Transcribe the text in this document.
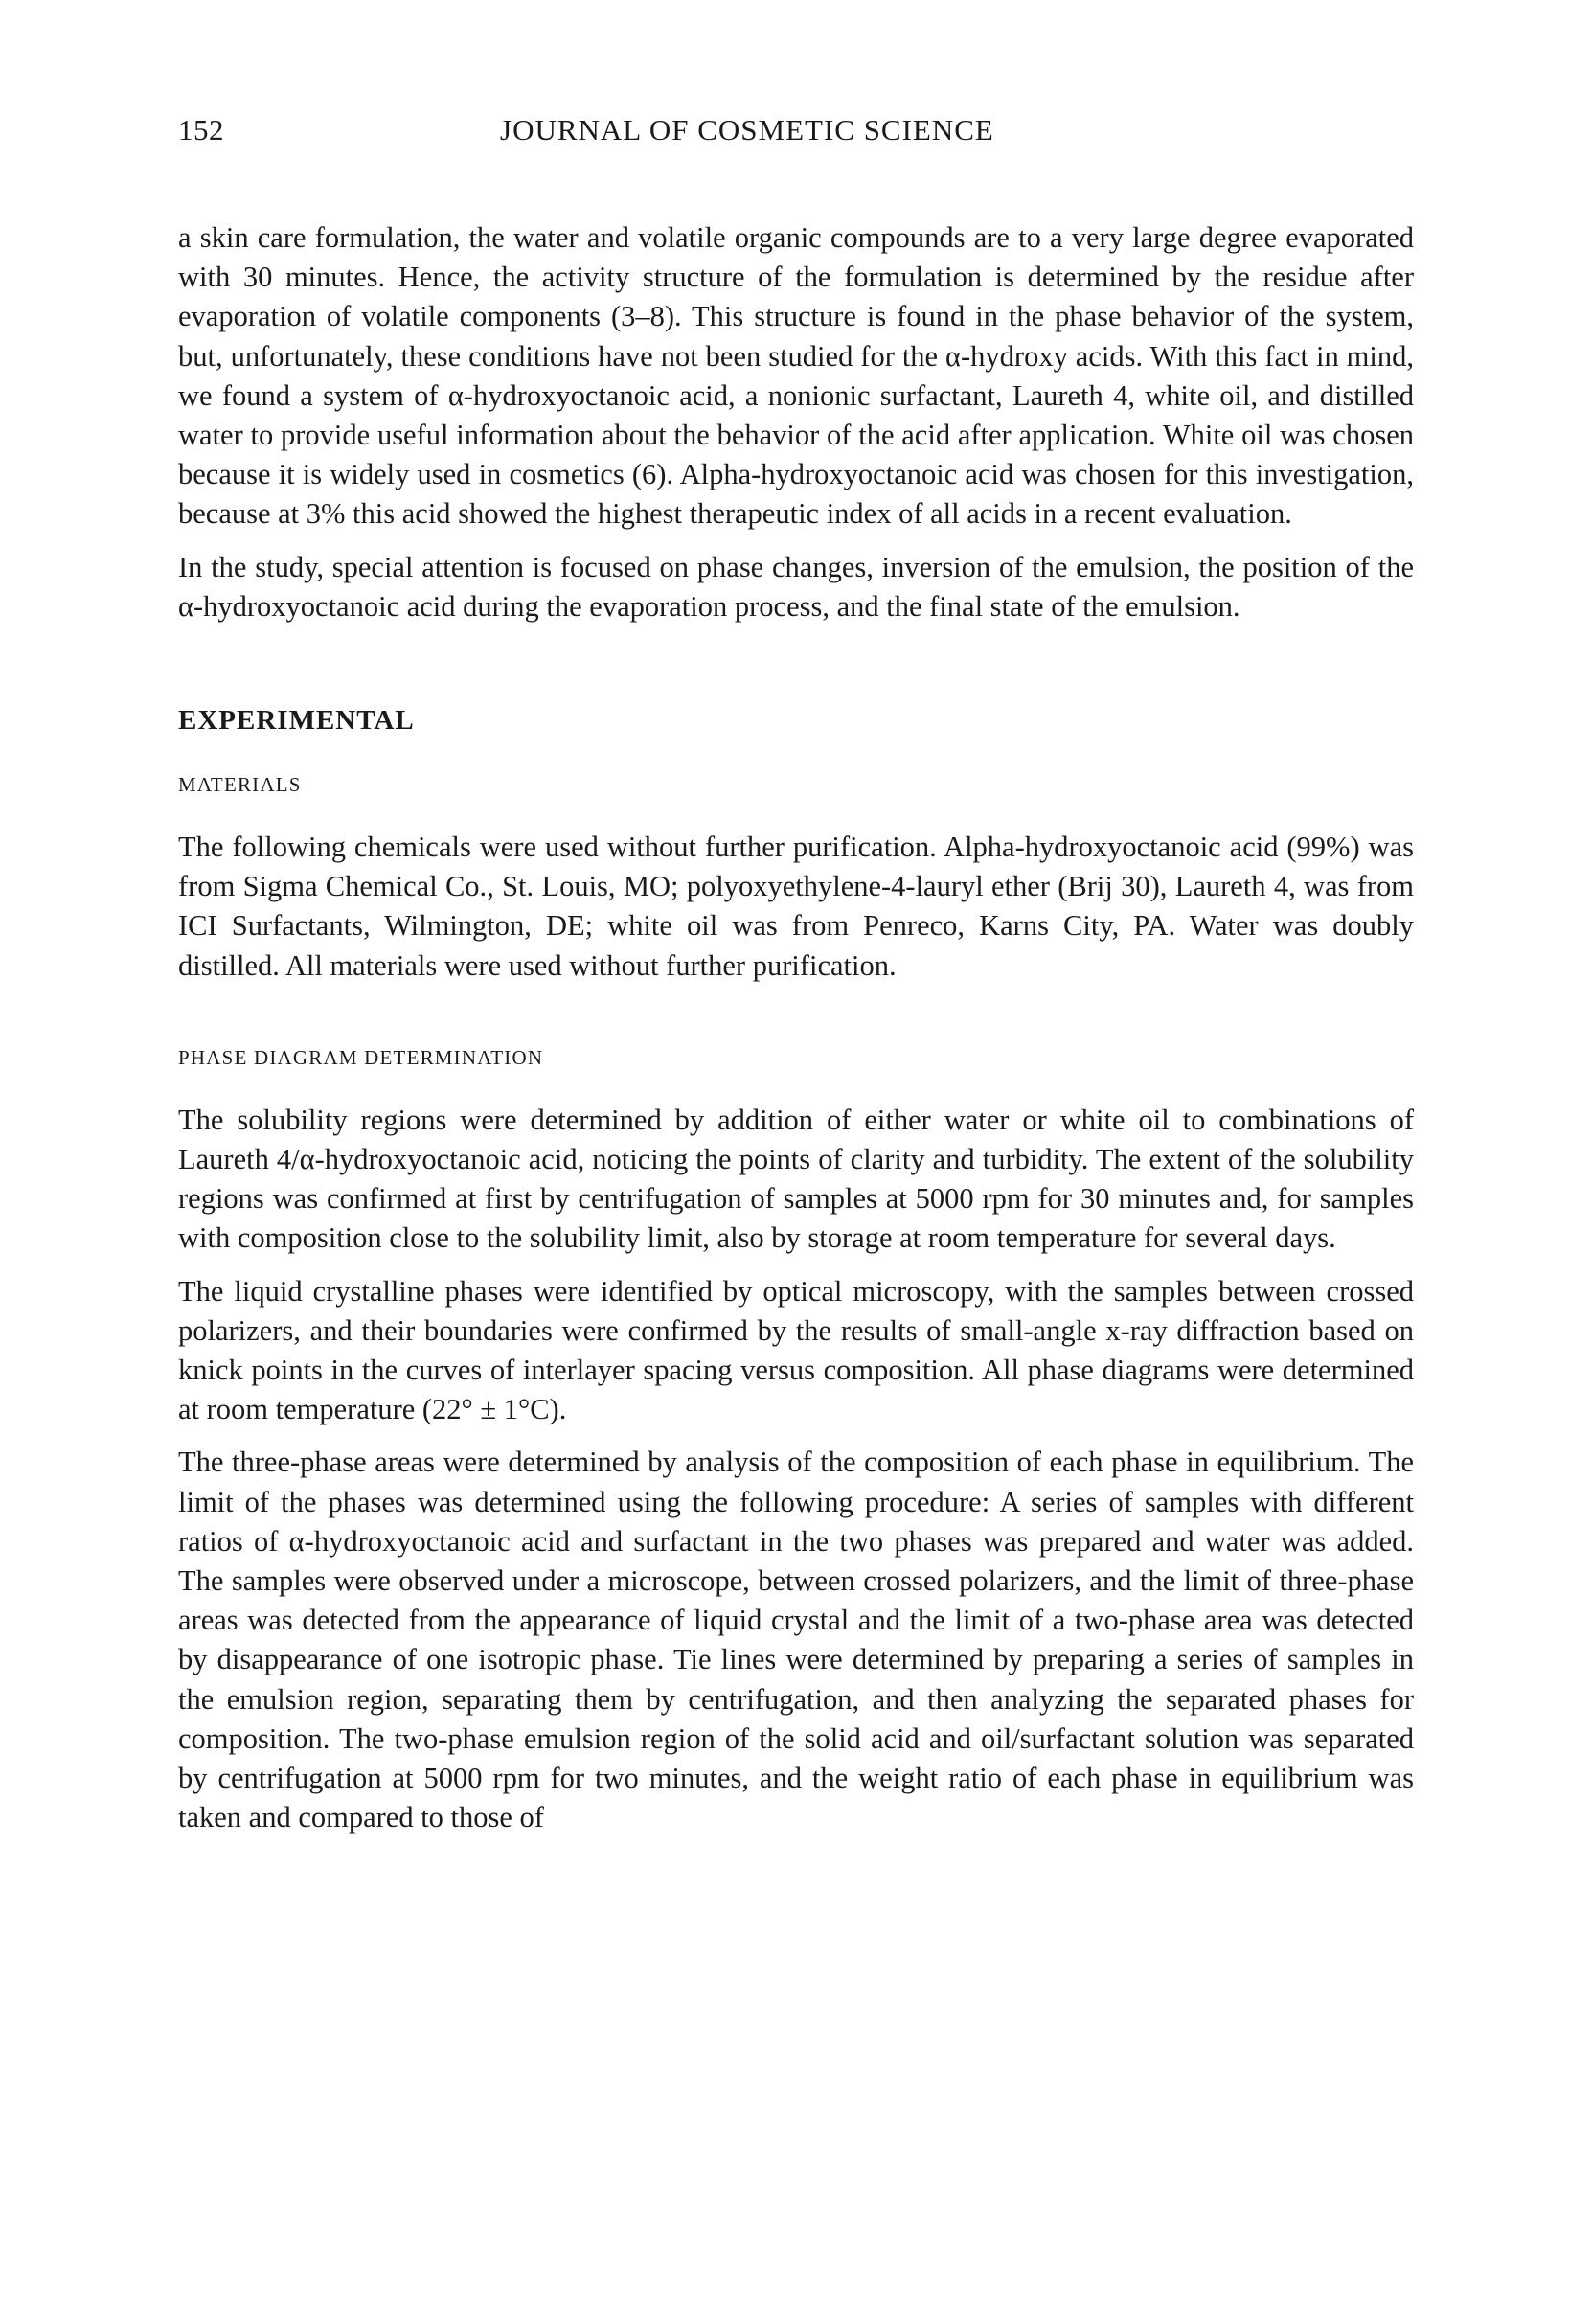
152	JOURNAL OF COSMETIC SCIENCE

a skin care formulation, the water and volatile organic compounds are to a very large degree evaporated with 30 minutes. Hence, the activity structure of the formulation is determined by the residue after evaporation of volatile components (3–8). This structure is found in the phase behavior of the system, but, unfortunately, these conditions have not been studied for the α-hydroxy acids. With this fact in mind, we found a system of α-hydroxyoctanoic acid, a nonionic surfactant, Laureth 4, white oil, and distilled water to provide useful information about the behavior of the acid after application. White oil was chosen because it is widely used in cosmetics (6). Alpha-hydroxyoctanoic acid was chosen for this investigation, because at 3% this acid showed the highest therapeutic index of all acids in a recent evaluation.

In the study, special attention is focused on phase changes, inversion of the emulsion, the position of the α-hydroxyoctanoic acid during the evaporation process, and the final state of the emulsion.

EXPERIMENTAL
MATERIALS

The following chemicals were used without further purification. Alpha-hydroxyoctanoic acid (99%) was from Sigma Chemical Co., St. Louis, MO; polyoxyethylene-4-lauryl ether (Brij 30), Laureth 4, was from ICI Surfactants, Wilmington, DE; white oil was from Penreco, Karns City, PA. Water was doubly distilled. All materials were used without further purification.

PHASE DIAGRAM DETERMINATION

The solubility regions were determined by addition of either water or white oil to combinations of Laureth 4/α-hydroxyoctanoic acid, noticing the points of clarity and turbidity. The extent of the solubility regions was confirmed at first by centrifugation of samples at 5000 rpm for 30 minutes and, for samples with composition close to the solubility limit, also by storage at room temperature for several days.

The liquid crystalline phases were identified by optical microscopy, with the samples between crossed polarizers, and their boundaries were confirmed by the results of small-angle x-ray diffraction based on knick points in the curves of interlayer spacing versus composition. All phase diagrams were determined at room temperature (22° ± 1°C).

The three-phase areas were determined by analysis of the composition of each phase in equilibrium. The limit of the phases was determined using the following procedure: A series of samples with different ratios of α-hydroxyoctanoic acid and surfactant in the two phases was prepared and water was added. The samples were observed under a microscope, between crossed polarizers, and the limit of three-phase areas was detected from the appearance of liquid crystal and the limit of a two-phase area was detected by disappearance of one isotropic phase. Tie lines were determined by preparing a series of samples in the emulsion region, separating them by centrifugation, and then analyzing the separated phases for composition. The two-phase emulsion region of the solid acid and oil/surfactant solution was separated by centrifugation at 5000 rpm for two minutes, and the weight ratio of each phase in equilibrium was taken and compared to those of
